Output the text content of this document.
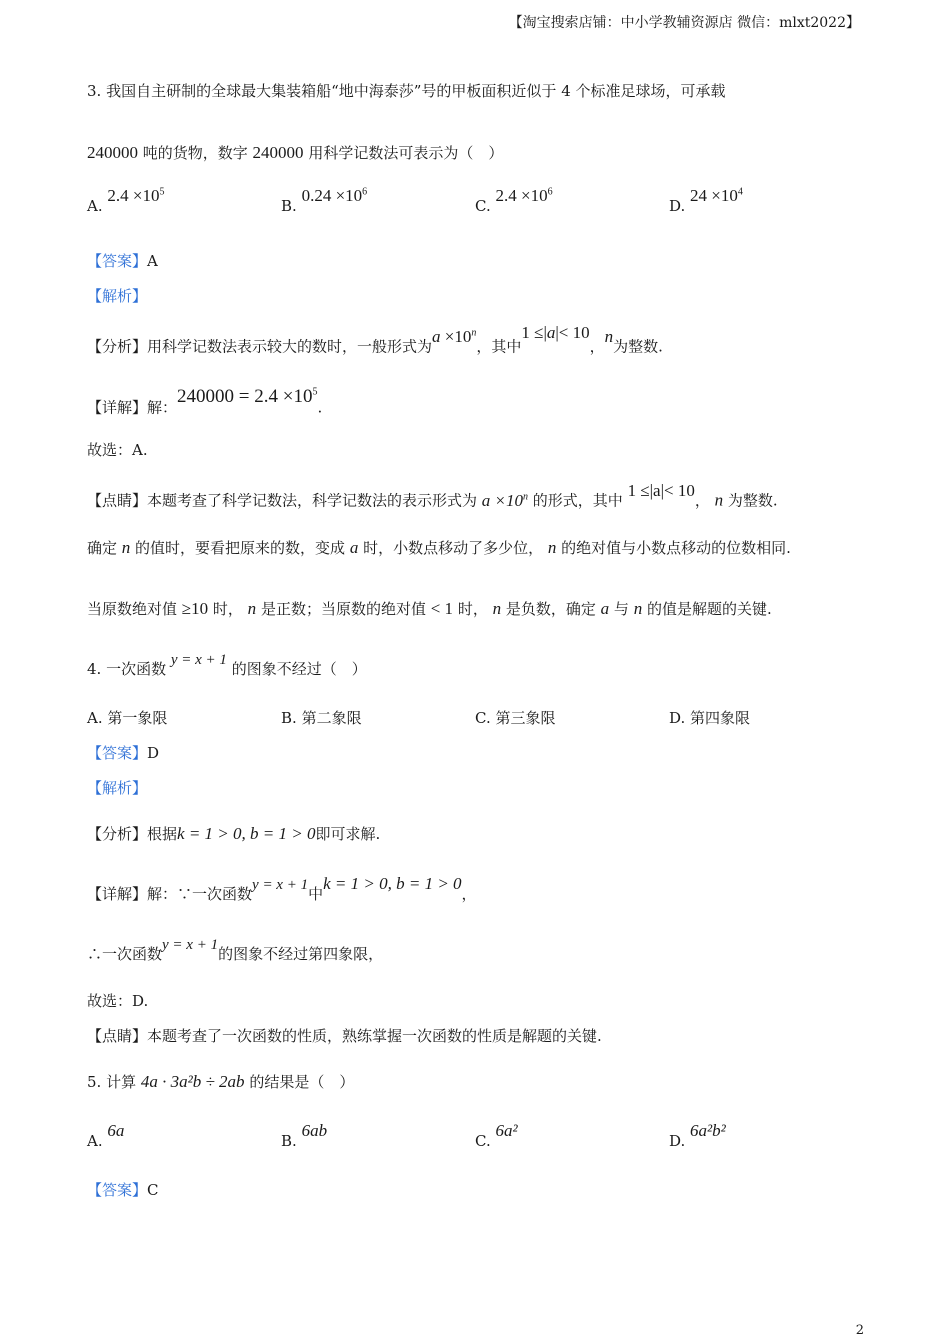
【淘宝搜索店铺：中小学教辅资源店 微信：mlxt2022】
3. 我国自主研制的全球最大集装箱船“地中海泰莎”号的甲板面积近似于 4 个标准足球场，可承载
240000 吨的货物，数字 240000 用科学记数法可表示为（　）
A. $2.4 \times 10^5$
B. $0.24 \times 10^6$
C. $2.4 \times 10^6$
D. $24 \times 10^4$
【答案】A
【解析】
【分析】用科学记数法表示较大的数时，一般形式为$a \times 10^n$，其中1 ≤|a|< 10，n为整数.
【详解】解：$240000 = 2.4 \times 10^5$.
故选：A.
【点睛】本题考查了科学记数法，科学记数法的表示形式为 $a \times 10^n$ 的形式，其中 1 ≤|a|< 10， n 为整数.
确定 n 的值时，要看把原来的数，变成 a 时，小数点移动了多少位， n 的绝对值与小数点移动的位数相同.
当原数绝对值 ≥10 时， n 是正数；当原数的绝对值 < 1 时， n 是负数，确定 a 与 n 的值是解题的关键.
4. 一次函数 y = x + 1 的图象不经过（　）
A. 第一象限	B. 第二象限	C. 第三象限	D. 第四象限
【答案】D
【解析】
【分析】根据k = 1 > 0, b = 1 > 0即可求解.
【详解】解：∵一次函数y = x + 1中k = 1 > 0, b = 1 > 0，
∴一次函数y = x + 1的图象不经过第四象限，
故选：D.
【点睛】本题考查了一次函数的性质，熟练掌握一次函数的性质是解题的关键.
5. 计算 4a · 3a²b ÷ 2ab 的结果是（　）
A. 6a
B. 6ab
C. 6a²
D. 6a²b²
【答案】C
2
